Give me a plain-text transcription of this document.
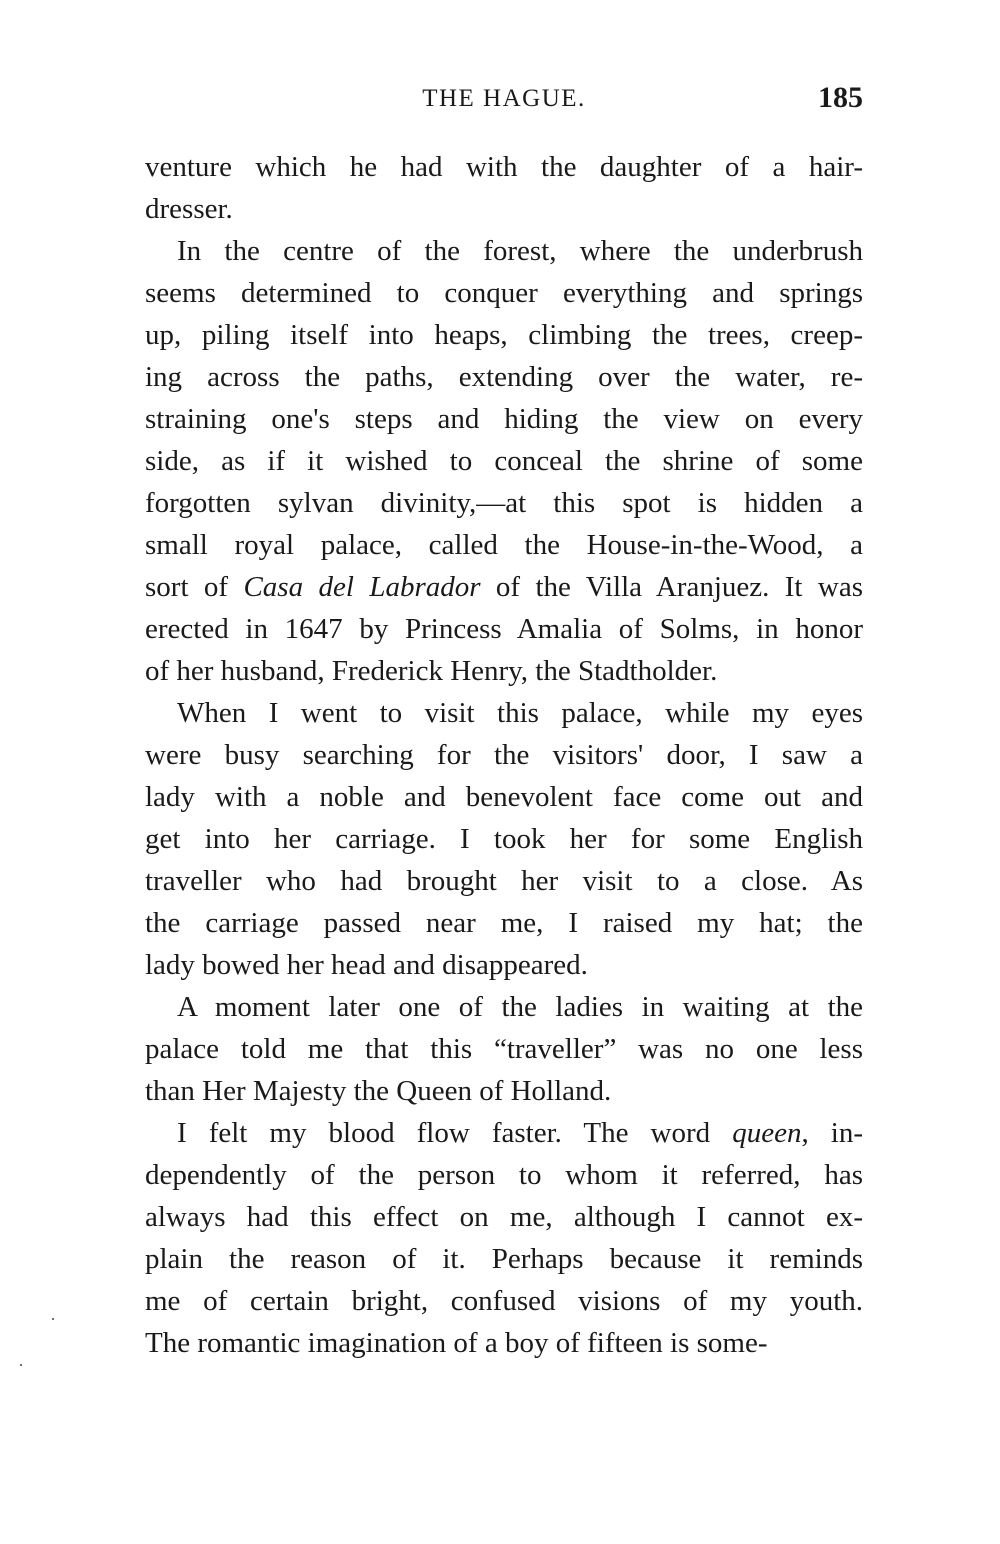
THE HAGUE.	185
venture which he had with the daughter of a hair-
dresser.
In the centre of the forest, where the underbrush
seems determined to conquer everything and springs
up, piling itself into heaps, climbing the trees, creep-
ing across the paths, extending over the water, re-
straining one's steps and hiding the view on every
side, as if it wished to conceal the shrine of some
forgotten sylvan divinity,—at this spot is hidden a
small royal palace, called the House-in-the-Wood, a
sort of Casa del Labrador of the Villa Aranjuez. It was
erected in 1647 by Princess Amalia of Solms, in honor
of her husband, Frederick Henry, the Stadtholder.
When I went to visit this palace, while my eyes
were busy searching for the visitors' door, I saw a
lady with a noble and benevolent face come out and
get into her carriage. I took her for some English
traveller who had brought her visit to a close. As
the carriage passed near me, I raised my hat; the
lady bowed her head and disappeared.
A moment later one of the ladies in waiting at the
palace told me that this “traveller” was no one less
than Her Majesty the Queen of Holland.
I felt my blood flow faster. The word queen, in-
dependently of the person to whom it referred, has
always had this effect on me, although I cannot ex-
plain the reason of it. Perhaps because it reminds
me of certain bright, confused visions of my youth.
The romantic imagination of a boy of fifteen is some-
